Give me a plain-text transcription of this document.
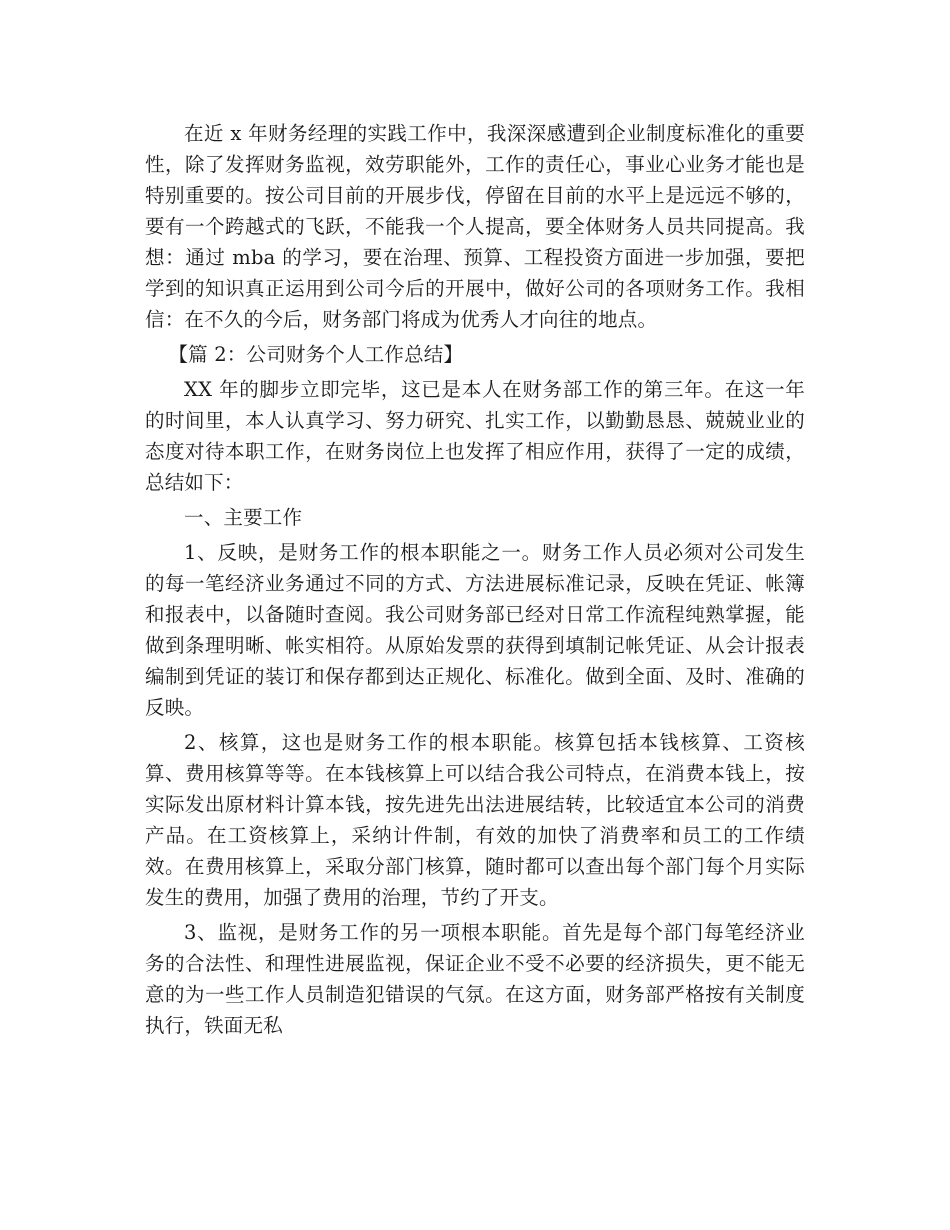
在近 x 年财务经理的实践工作中，我深深感遭到企业制度标准化的重要性，除了发挥财务监视，效劳职能外，工作的责任心，事业心业务才能也是特别重要的。按公司目前的开展步伐，停留在目前的水平上是远远不够的，要有一个跨越式的飞跃，不能我一个人提高，要全体财务人员共同提高。我想：通过 mba 的学习，要在治理、预算、工程投资方面进一步加强，要把学到的知识真正运用到公司今后的开展中，做好公司的各项财务工作。我相信：在不久的今后，财务部门将成为优秀人才向往的地点。

【篇 2：公司财务个人工作总结】

XX 年的脚步立即完毕，这已是本人在财务部工作的第三年。在这一年的时间里，本人认真学习、努力研究、扎实工作，以勤勤恳恳、兢兢业业的态度对待本职工作，在财务岗位上也发挥了相应作用，获得了一定的成绩，总结如下：

一、主要工作

1、反映，是财务工作的根本职能之一。财务工作人员必须对公司发生的每一笔经济业务通过不同的方式、方法进展标准记录，反映在凭证、帐簿和报表中，以备随时查阅。我公司财务部已经对日常工作流程纯熟掌握，能做到条理明晰、帐实相符。从原始发票的获得到填制记帐凭证、从会计报表编制到凭证的装订和保存都到达正规化、标准化。做到全面、及时、准确的反映。

2、核算，这也是财务工作的根本职能。核算包括本钱核算、工资核算、费用核算等等。在本钱核算上可以结合我公司特点，在消费本钱上，按实际发出原材料计算本钱，按先进先出法进展结转，比较适宜本公司的消费产品。在工资核算上，采纳计件制，有效的加快了消费率和员工的工作绩效。在费用核算上，采取分部门核算，随时都可以查出每个部门每个月实际发生的费用，加强了费用的治理，节约了开支。

3、监视，是财务工作的另一项根本职能。首先是每个部门每笔经济业务的合法性、和理性进展监视，保证企业不受不必要的经济损失，更不能无意的为一些工作人员制造犯错误的气氛。在这方面，财务部严格按有关制度执行，铁面无私
